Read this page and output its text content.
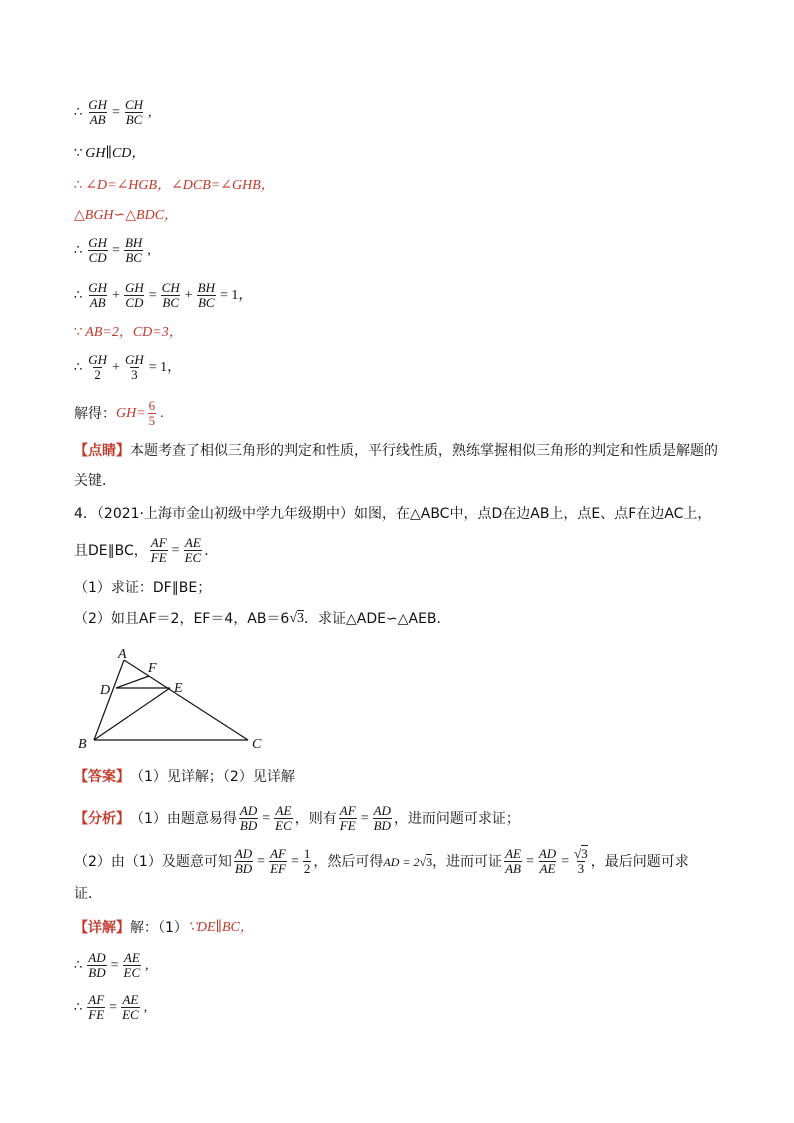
∴ $\frac{GH}{AB} = \frac{CH}{BC}$ ,
∵ GH∥CD，
∴ ∠D=∠HGB，∠DCB=∠GHB，
△BGH∽△BDC，
∴ $\frac{GH}{CD} = \frac{BH}{BC}$ ,
∴ $\frac{GH}{AB} + \frac{GH}{CD} = \frac{CH}{BC} + \frac{BH}{BC} = 1$，
∵ AB=2，CD=3，
∴ $\frac{GH}{2} + \frac{GH}{3} = 1$，
解得： $GH= \frac{6}{5}$ .
【点睛】本题考查了相似三角形的判定和性质，平行线性质，熟练掌握相似三角形的判定和性质是解题的关键．
4．（2021·上海市金山初级中学九年级期中）如图，在△ABC中，点D在边AB上，点E、点F在边AC上，
且DE∥BC， $\frac{AF}{FE} = \frac{AE}{EC}$ ．
（1）求证：DF∥BE；
（2）如且AF＝2，EF＝4，AB＝6 √3 ．求证△ADE∽△AEB．
A
F
D	E
B	C
【答案】 （1）见详解；（2）见详解
【分析】 （1）由题意易得 $\frac{AD}{BD} = \frac{AE}{EC}$ ，则有 $\frac{AF}{FE} = \frac{AD}{BD}$ ，进而问题可求证；
（2）由（1）及题意可知 $\frac{AD}{BD} = \frac{AF}{EF} = \frac{1}{2}$ ，然后可得 AD = 2 √3 ，进而可证 $\frac{AE}{AB} = \frac{AD}{AE} = \frac{√3}{3}$ ，最后问题可求
证．
【详解】 解：（1） ∵DE∥BC，
∴ $\frac{AD}{BD} = \frac{AE}{EC}$ ,
∴ $\frac{AF}{FE} = \frac{AE}{EC}$ ,
